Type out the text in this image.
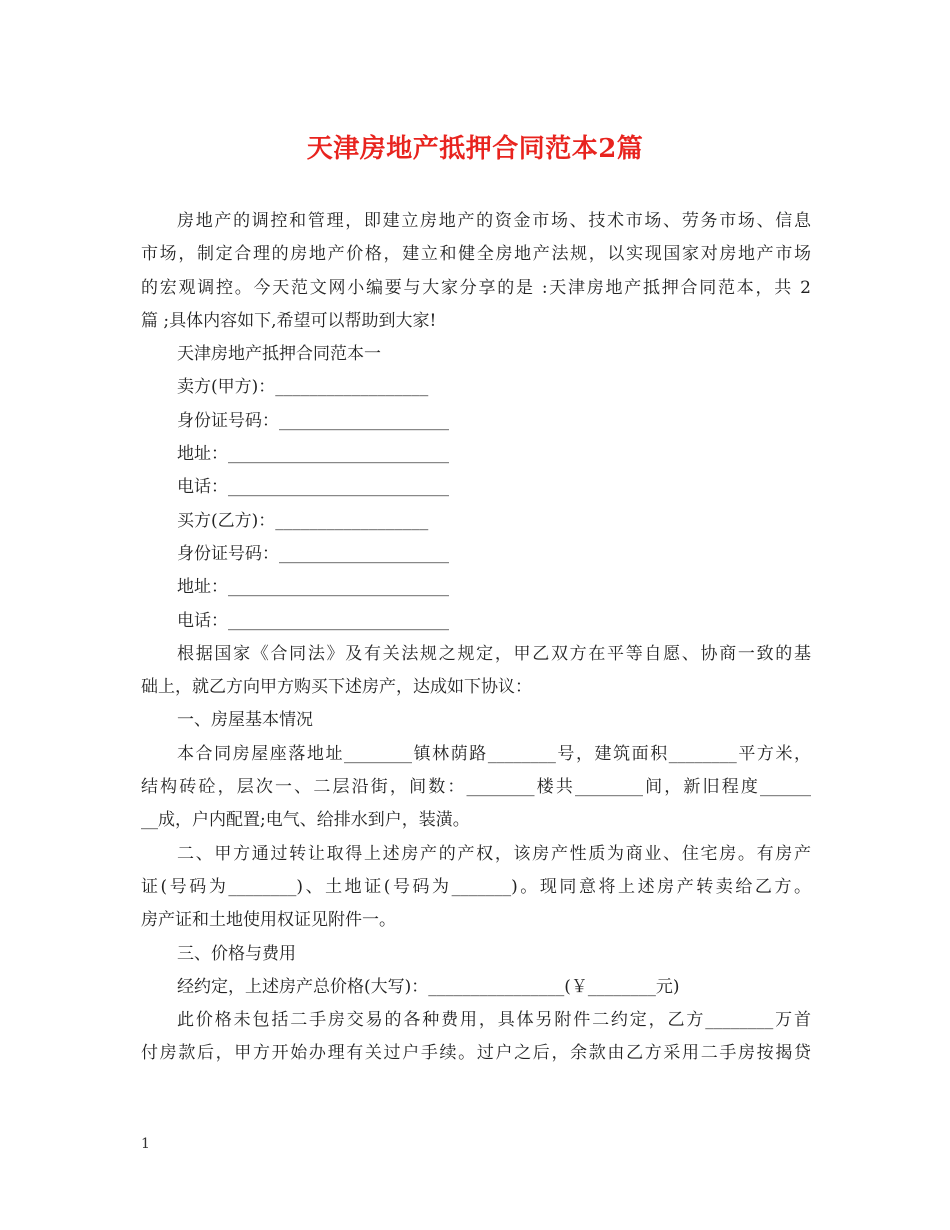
天津房地产抵押合同范本2篇

房地产的调控和管理，即建立房地产的资金市场、技术市场、劳务市场、信息

市场，制定合理的房地产价格，建立和健全房地产法规，以实现国家对房地产市场

的宏观调控。今天范文网小编要与大家分享的是 :天津房地产抵押合同范本，共 2

篇 ;具体内容如下,希望可以帮助到大家!

天津房地产抵押合同范本一

卖方(甲方)：__________________

身份证号码：____________________

地址：__________________________

电话：__________________________

买方(乙方)：__________________

身份证号码：____________________

地址：__________________________

电话：__________________________

根据国家《合同法》及有关法规之规定，甲乙双方在平等自愿、协商一致的基

础上，就乙方向甲方购买下述房产，达成如下协议：

一、房屋基本情况

本合同房屋座落地址________镇林荫路________号，建筑面积________平方米，

结构砖砼，层次一、二层沿街，间数：________楼共________间，新旧程度______

__成，户内配置;电气、给排水到户，装潢。

二、甲方通过转让取得上述房产的产权，该房产性质为商业、住宅房。有房产

证(号码为________)、土地证(号码为_______)。现同意将上述房产转卖给乙方。

房产证和土地使用权证见附件一。

三、价格与费用

经约定，上述房产总价格(大写)：________________(￥________元)

此价格未包括二手房交易的各种费用，具体另附件二约定，乙方________万首

付房款后，甲方开始办理有关过户手续。过户之后，余款由乙方采用二手房按揭贷

1
